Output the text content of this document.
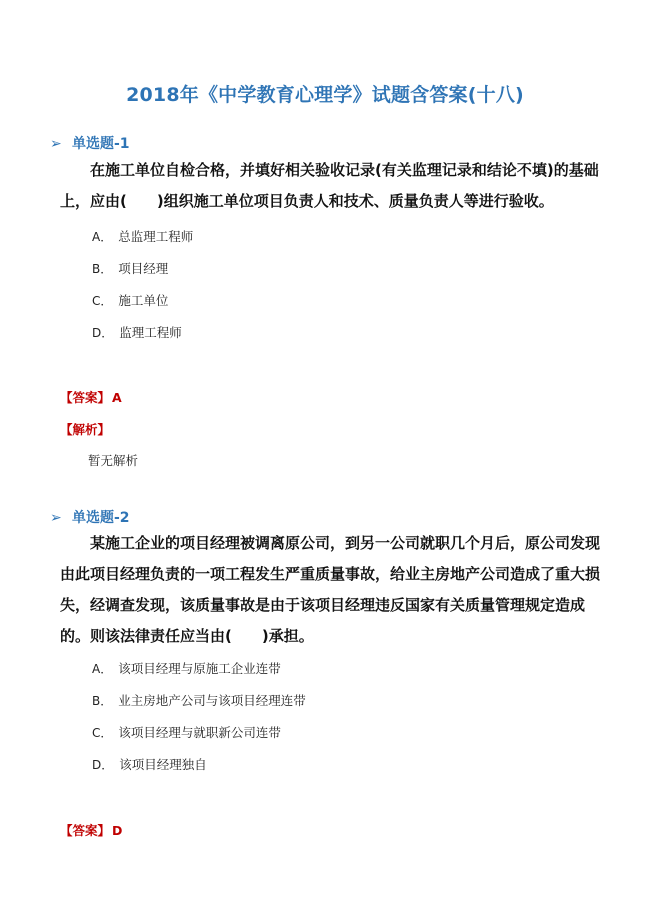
2018年《中学教育心理学》试题含答案(十八)
➢ 单选题-1
在施工单位自检合格，并填好相关验收记录(有关监理记录和结论不填)的基础上，应由(　　)组织施工单位项目负责人和技术、质量负责人等进行验收。
A． 总监理工程师
B． 项目经理
C． 施工单位
D． 监理工程师
【答案】 A
【解析】
暂无解析
➢ 单选题-2
某施工企业的项目经理被调离原公司，到另一公司就职几个月后，原公司发现由此项目经理负责的一项工程发生严重质量事故，给业主房地产公司造成了重大损失，经调查发现，该质量事故是由于该项目经理违反国家有关质量管理规定造成的。则该法律责任应当由(　　)承担。
A． 该项目经理与原施工企业连带
B． 业主房地产公司与该项目经理连带
C． 该项目经理与就职新公司连带
D． 该项目经理独自
【答案】 D
